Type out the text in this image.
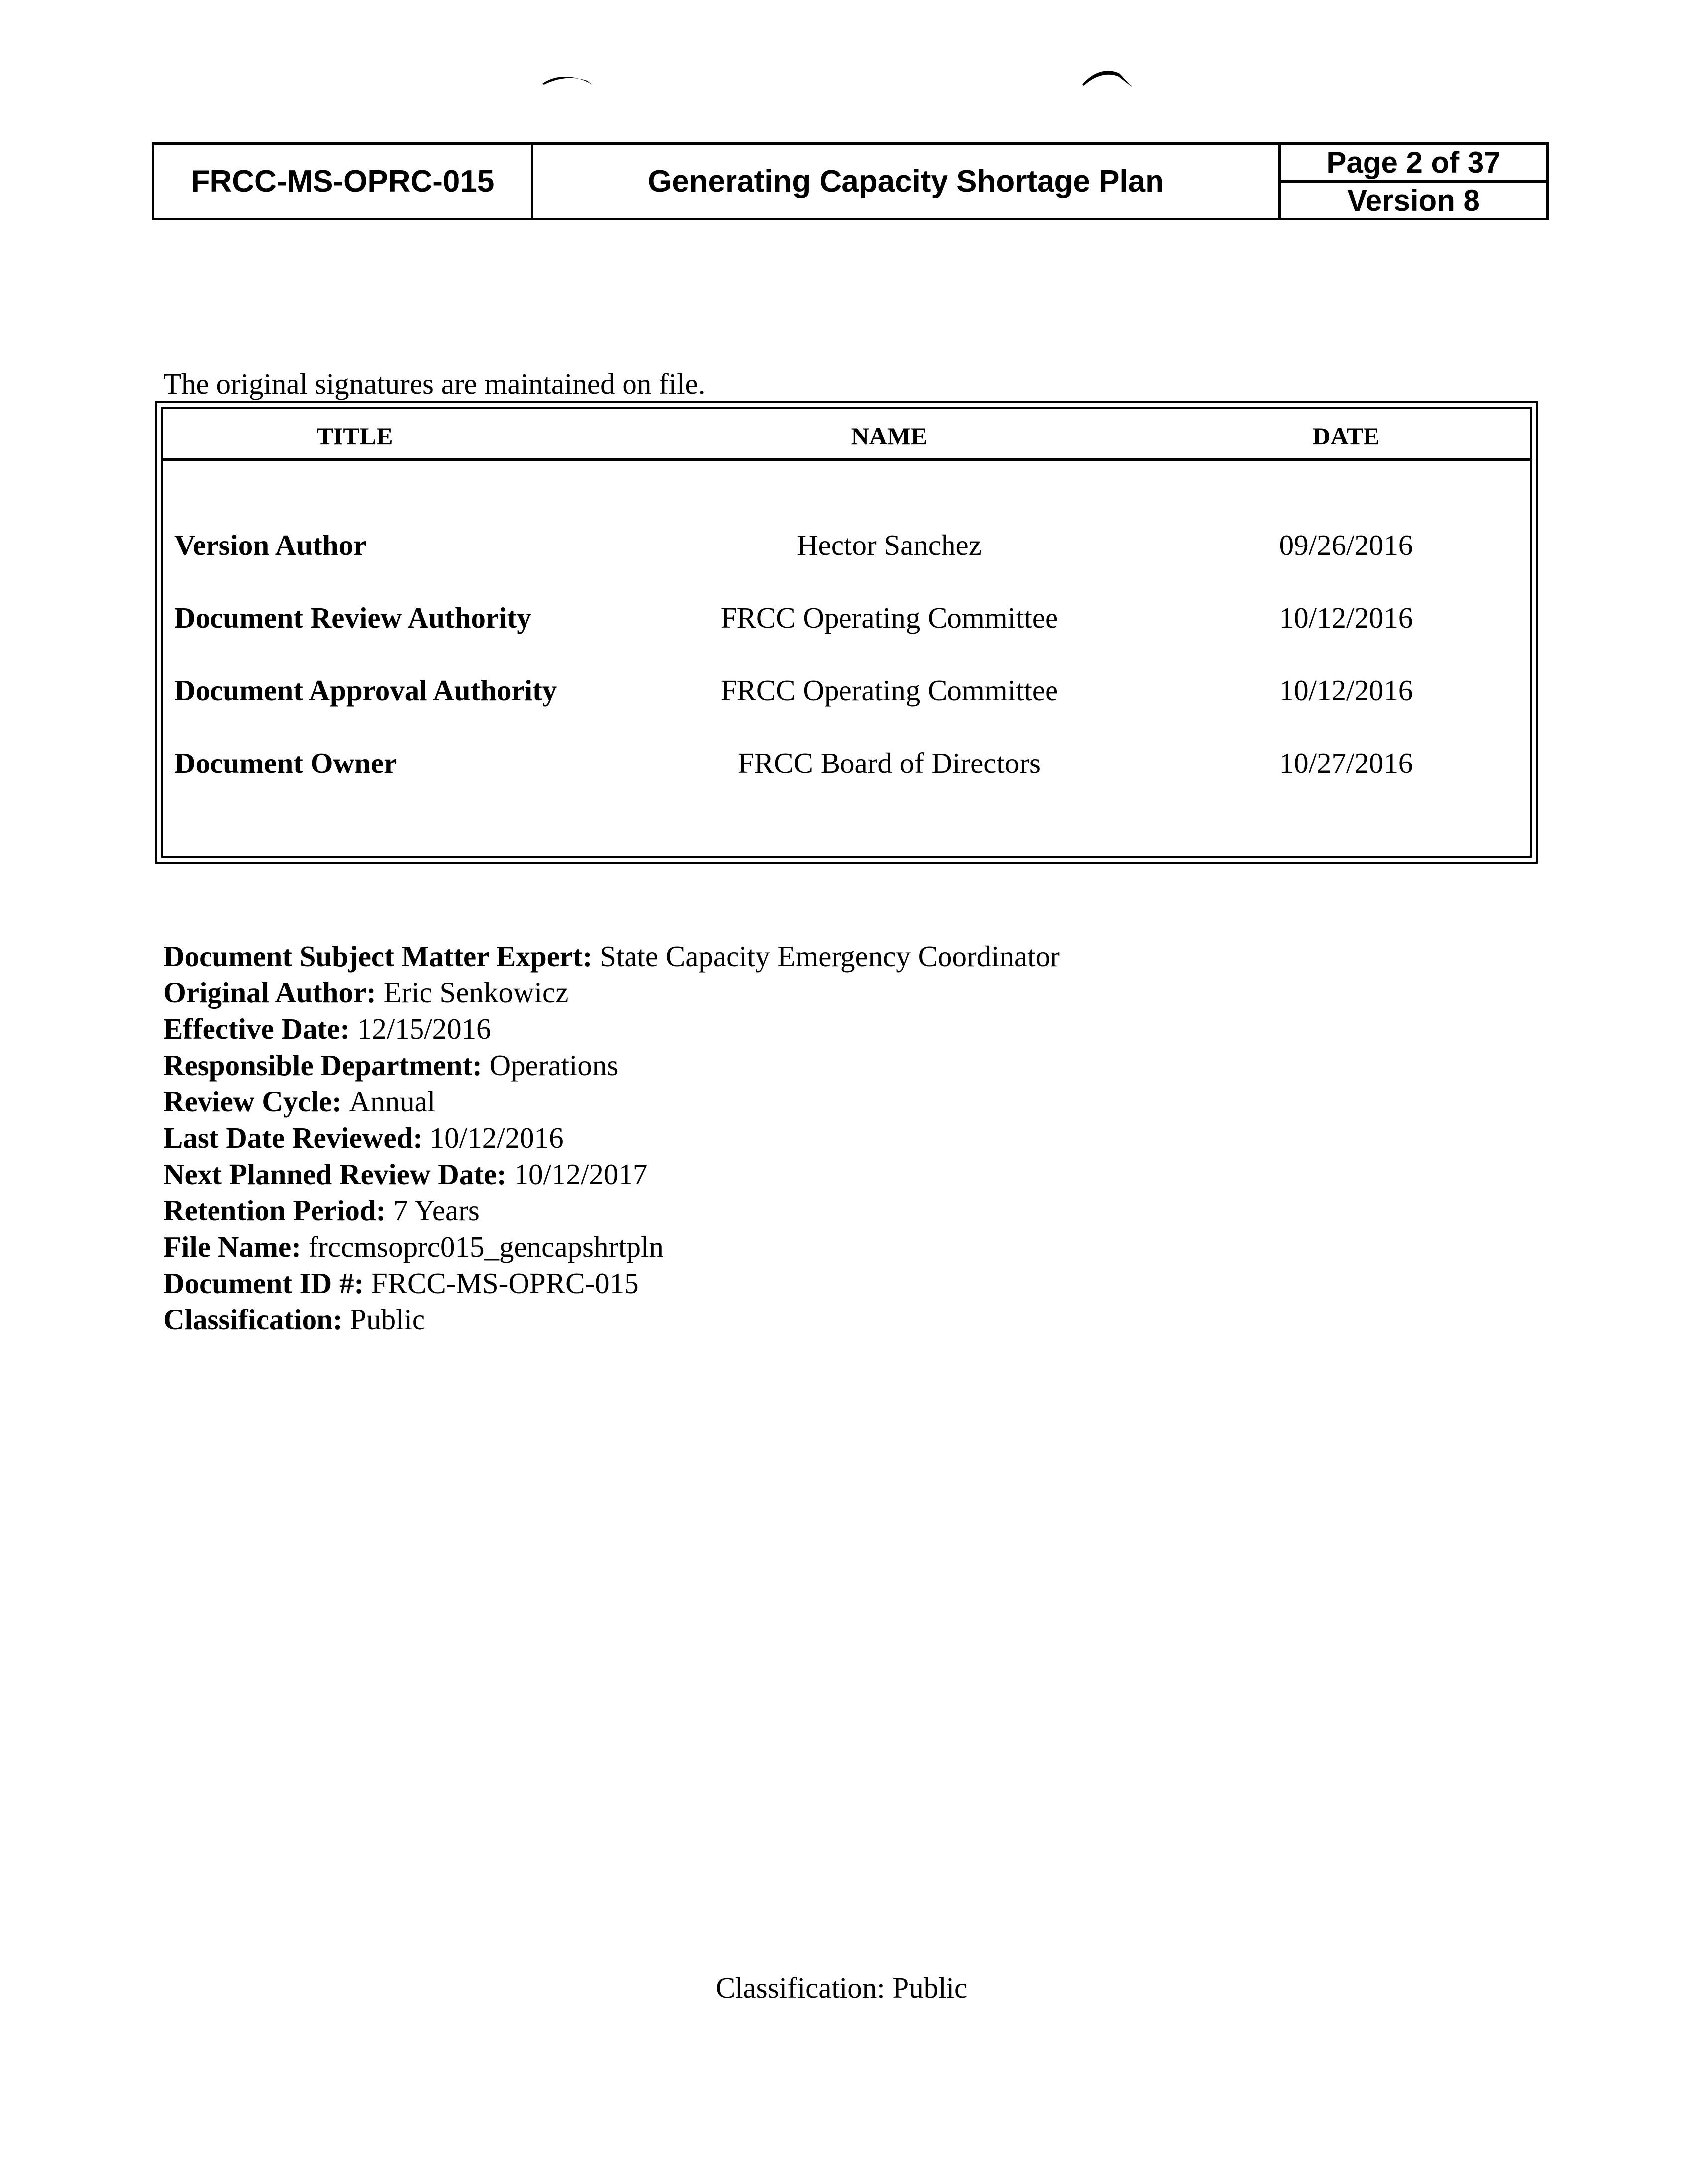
FRCC-MS-OPRC-015	Generating Capacity Shortage Plan
Page 2 of 37
Version 8
The original signatures are maintained on file.
TITLE	NAME	DATE
Version Author	Hector Sanchez	09/26/2016
Document Review Authority	FRCC Operating Committee	10/12/2016
Document Approval Authority	FRCC Operating Committee	10/12/2016
Document Owner	FRCC Board of Directors	10/27/2016
Document Subject Matter Expert: State Capacity Emergency Coordinator
Original Author: Eric Senkowicz
Effective Date: 12/15/2016
Responsible Department: Operations
Review Cycle: Annual
Last Date Reviewed: 10/12/2016
Next Planned Review Date: 10/12/2017
Retention Period: 7 Years
File Name: frccmsoprc015_gencapshrtpln
Document ID #: FRCC-MS-OPRC-015
Classification: Public
Classification: Public
